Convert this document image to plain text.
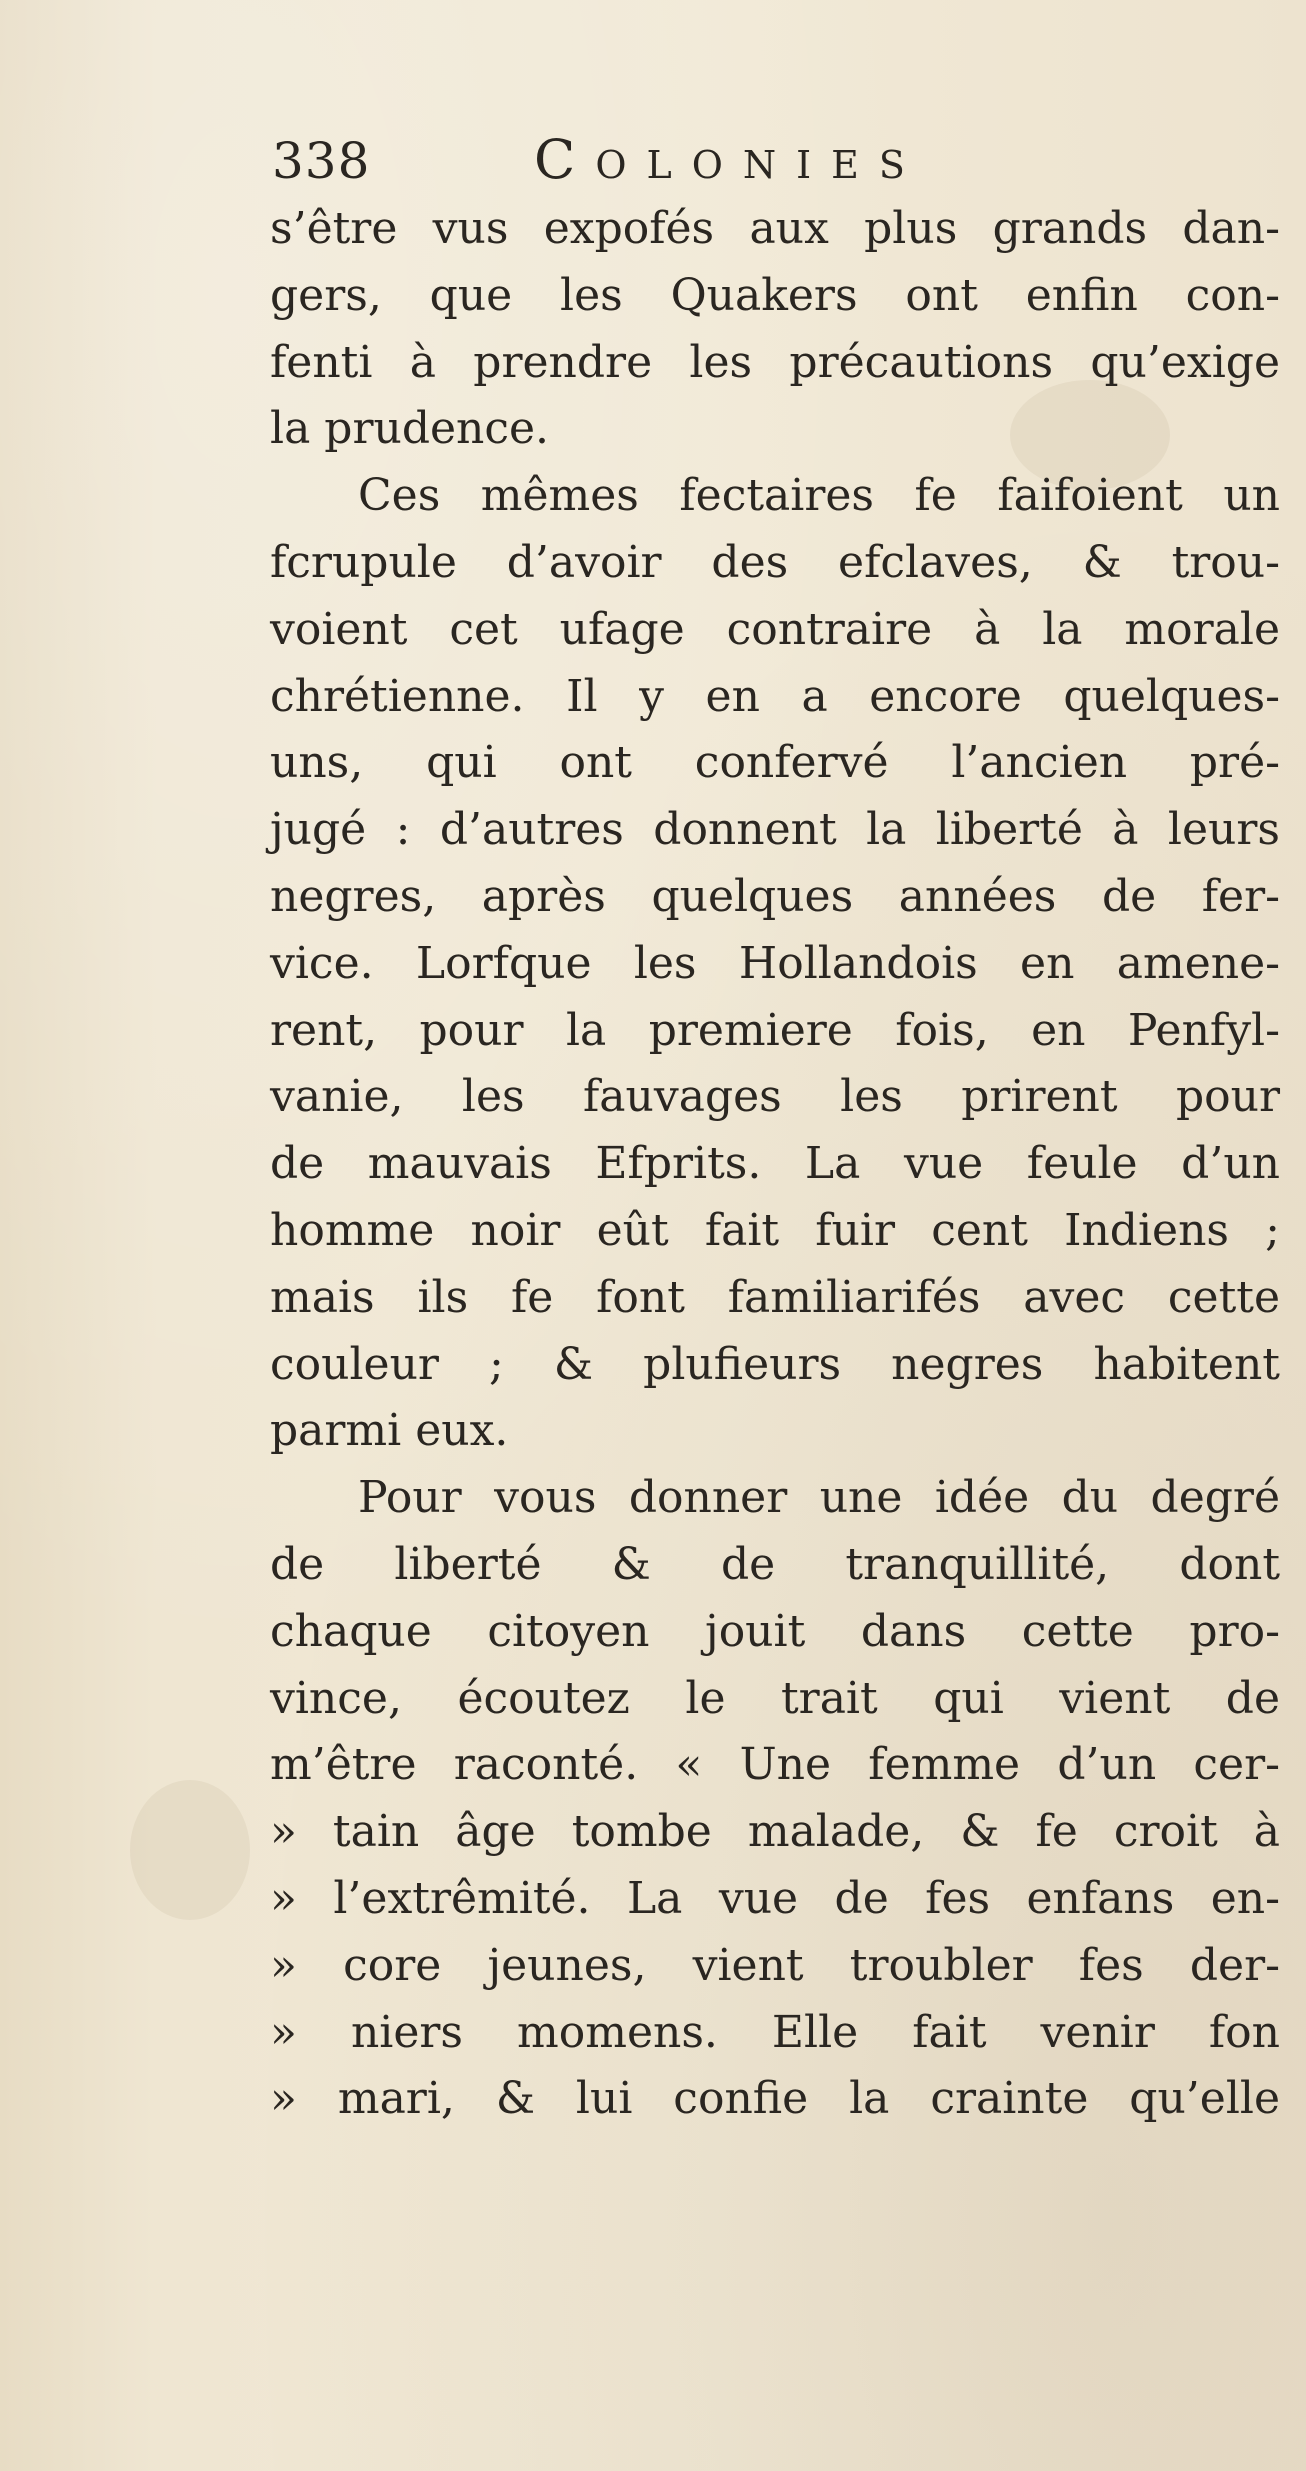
338	Colonies
s’être vus expofés aux plus grands dan-
gers, que les Quakers ont enfin con-
fenti à prendre les précautions qu’exige
la prudence.
Ces mêmes fectaires fe faifoient un
fcrupule d’avoir des efclaves, & trou-
voient cet ufage contraire à la morale
chrétienne. Il y en a encore quelques-
uns, qui ont confervé l’ancien pré-
jugé : d’autres donnent la liberté à leurs
negres, après quelques années de fer-
vice. Lorfque les Hollandois en amene-
rent, pour la premiere fois, en Penfyl-
vanie, les fauvages les prirent pour
de mauvais Efprits. La vue feule d’un
homme noir eût fait fuir cent Indiens ;
mais ils fe font familiarifés avec cette
couleur ; & plufieurs negres habitent
parmi eux.
Pour vous donner une idée du degré
de liberté & de tranquillité, dont
chaque citoyen jouit dans cette pro-
vince, écoutez le trait qui vient de
m’être raconté. « Une femme d’un cer-
» tain âge tombe malade, & fe croit à
» l’extrêmité. La vue de fes enfans en-
» core jeunes, vient troubler fes der-
» niers momens. Elle fait venir fon
» mari, & lui confie la crainte qu’elle
